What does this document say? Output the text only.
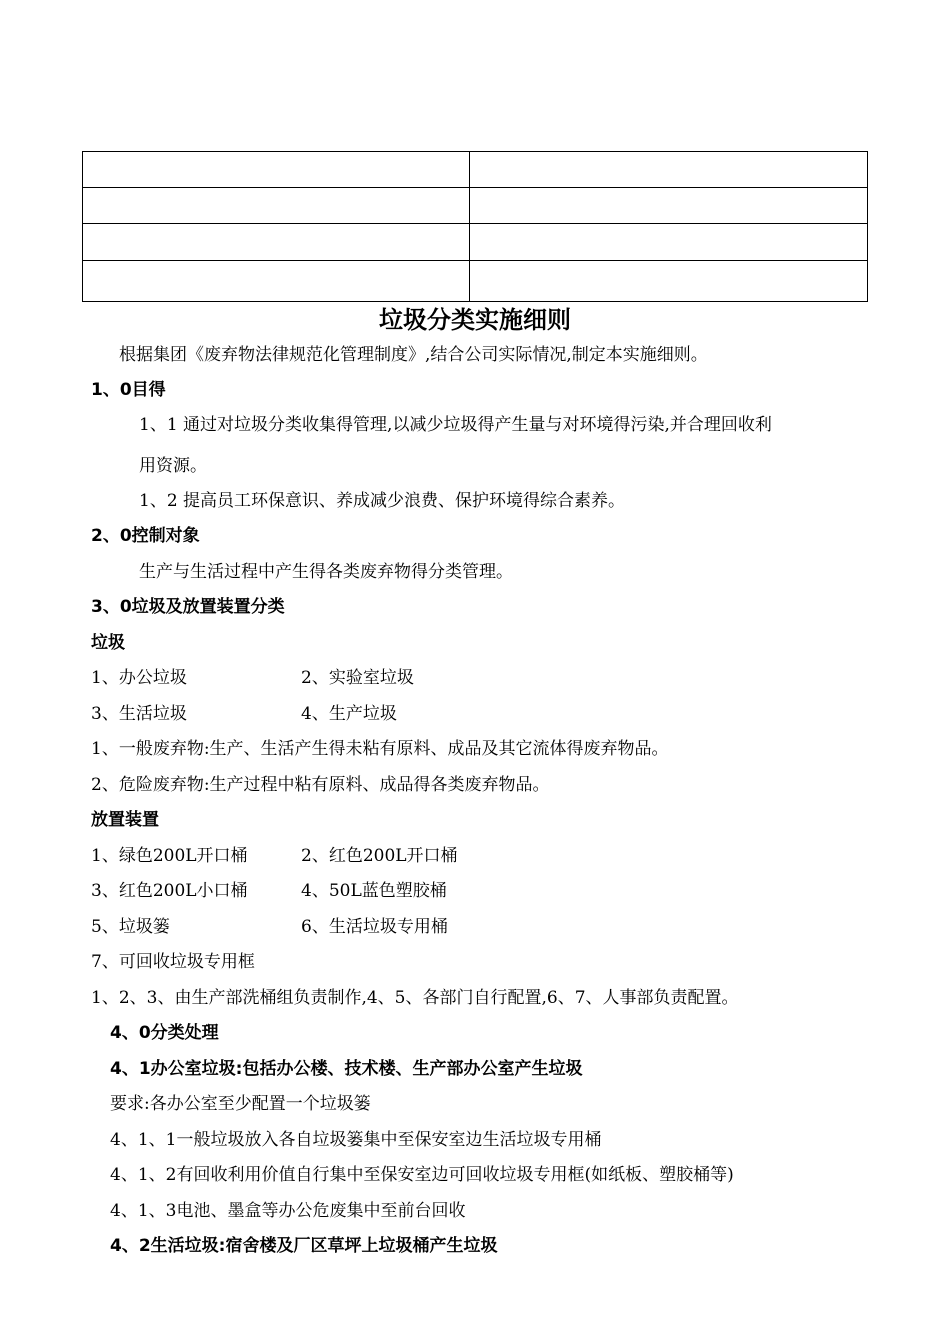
垃圾分类实施细则
根据集团《废弃物法律规范化管理制度》,结合公司实际情况,制定本实施细则。
1、0目得
1、1 通过对垃圾分类收集得管理,以减少垃圾得产生量与对环境得污染,并合理回收利
用资源。
1、2 提高员工环保意识、养成减少浪费、保护环境得综合素养。
2、0控制对象
生产与生活过程中产生得各类废弃物得分类管理。
3、0垃圾及放置装置分类
垃圾
1、办公垃圾	2、实验室垃圾
3、生活垃圾	4、生产垃圾
1、一般废弃物:生产、生活产生得未粘有原料、成品及其它流体得废弃物品。
2、危险废弃物:生产过程中粘有原料、成品得各类废弃物品。
放置装置
1、绿色200L开口桶	2、红色200L开口桶
3、红色200L小口桶	4、50L蓝色塑胶桶
5、垃圾篓	6、生活垃圾专用桶
7、可回收垃圾专用框
1、2、3、由生产部洗桶组负责制作,4、5、各部门自行配置,6、7、人事部负责配置。
4、0分类处理
4、1办公室垃圾:包括办公楼、技术楼、生产部办公室产生垃圾
要求:各办公室至少配置一个垃圾篓
4、1、1一般垃圾放入各自垃圾篓集中至保安室边生活垃圾专用桶
4、1、2有回收利用价值自行集中至保安室边可回收垃圾专用框(如纸板、塑胶桶等)
4、1、3电池、墨盒等办公危废集中至前台回收
4、2生活垃圾:宿舍楼及厂区草坪上垃圾桶产生垃圾
